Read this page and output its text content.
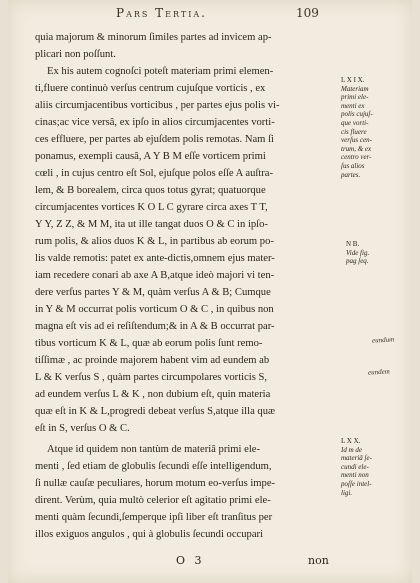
Pars Tertia.	109
quia majorum & minorum ſimiles partes ad invicem ap-
plicari non poſſunt.
Ex his autem cognoſci poteſt materiam primi elemen-
ti,fluere continuò verſus centrum cujuſque vorticis , ex
aliis circumjacentibus vorticibus , per partes ejus polis vi-
cinas;ac vice versâ, ex ipſo in alios circumjacentes vorti-
ces effluere, per partes ab ejuſdem polis remotas. Nam ſi
ponamus, exempli causâ, A Y B M eſſe vorticem primi
cœli , in cujus centro eſt Sol, ejuſque polos eſſe A auſtra-
lem, & B borealem, circa quos totus gyrat; quatuorque
circumjacentes vortices K O L C gyrare circa axes T T,
Y Y, Z Z, & M M, ita ut ille tangat duos O & C in ipſo-
rum polis, & alios duos K & L, in partibus ab eorum po-
lis valde remotis: patet ex ante-dictis,omnem ejus mater-
iam recedere conari ab axe A B,atque ideò majori vi ten-
dere verſus partes Y & M, quàm verſus A & B; Cumque
in Y & M occurrat polis vorticum O & C , in quibus non
magna eſt vis ad ei reſiſtendum;& in A & B occurrat par-
tibus vorticum K & L, quæ ab eorum polis ſunt remo-
tiſſimæ , ac proinde majorem habent vim ad eundem ab
L & K verſus S , quàm partes circumpolares vorticis S,
ad eundem verſus L & K , non dubium eſt, quin materia
quæ eſt in K & L,progredi debeat verſus S,atque illa quæ
eſt in S, verſus O & C.
Atque id quidem non tantùm de materiâ primi ele-
menti , ſed etiam de globulis ſecundi eſſe intelligendum,
ſi nullæ cauſæ peculiares, horum motum eo-verſus impe-
dirent. Verùm, quia multò celerior eſt agitatio primi ele-
menti quàm ſecundi,ſemperque ipſi liber eſt tranſitus per
illos exiguos angulos , qui à globulis ſecundi occupari
L X I X.
Materiam
primi ele-
menti ex
polis cujuſ-
que vorti-
cis fluere
verſus cen-
trum, & ex
centro ver-
ſus alios
partes.
N B.
Vide fig.
pag ſeq.
L X X.
Id m de
materiâ ſe-
cundi ele-
menti non
poſſe intel-
ligi.
eundum
eundem
O 3	non
